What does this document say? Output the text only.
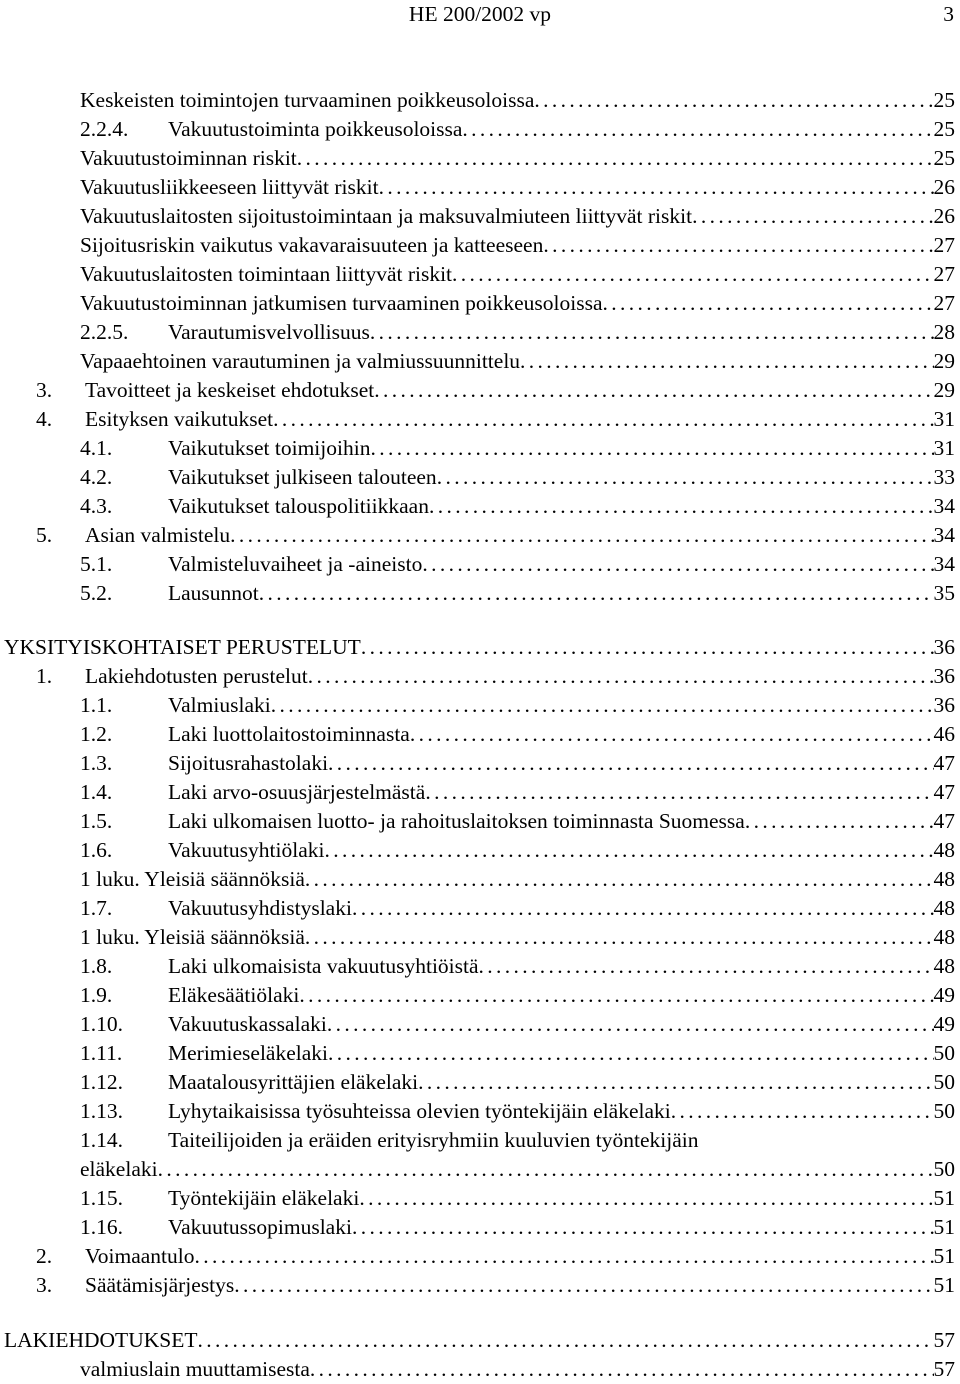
HE 200/2002 vp	3
Keskeisten toimintojen turvaaminen poikkeusoloissa . . .	25
2.2.4. Vakuutustoiminta poikkeusoloissa . . .	25
Vakuutustoiminnan riskit . . .	25
Vakuutusliikkeeseen liittyvät riskit . . .	26
Vakuutuslaitosten sijoitustoimintaan ja maksuvalmiuteen liittyvät riskit . . .	26
Sijoitusriskin vaikutus vakavaraisuuteen ja katteeseen . . .	27
Vakuutuslaitosten toimintaan liittyvät riskit . . .	27
Vakuutustoiminnan jatkumisen turvaaminen poikkeusoloissa . . .	27
2.2.5. Varautumisvelvollisuus . . .	28
Vapaaehtoinen varautuminen ja valmiussuunnittelu . . .	29
3. Tavoitteet ja keskeiset ehdotukset . . .	29
4. Esityksen vaikutukset . . .	31
4.1.	Vaikutukset toimijoihin . . .	31
4.2.	Vaikutukset julkiseen talouteen . . .	33
4.3.	Vaikutukset talouspolitiikkaan . . .	34
5. Asian valmistelu . . .	34
5.1.	Valmisteluvaiheet ja -aineisto . . .	34
5.2.	Lausunnot . . .	35
YKSITYISKOHTAISET PERUSTELUT . . .	36
1. Lakiehdotusten perustelut . . .	36
1.1.	Valmiuslaki . . .	36
1.2.	Laki luottolaitostoiminnasta . . .	46
1.3.	Sijoitusrahastolaki . . .	47
1.4.	Laki arvo-osuusjärjestelmästä . . .	47
1.5.	Laki ulkomaisen luotto- ja rahoituslaitoksen toiminnasta Suomessa . . .	47
1.6.	Vakuutusyhtiölaki . . .	48
1 luku. Yleisiä säännöksiä . . .	48
1.7.	Vakuutusyhdistyslaki . . .	48
1 luku. Yleisiä säännöksiä . . .	48
1.8.	Laki ulkomaisista vakuutusyhtiöistä . . .	48
1.9.	Eläkesäätiölaki . . .	49
1.10. Vakuutuskassalaki . . .	49
1.11. Merimieseläkelaki . . .	50
1.12. Maatalousyrittäjien eläkelaki . . .	50
1.13. Lyhytaikaisissa työsuhteissa olevien työntekijäin eläkelaki . . .	50
1.14. Taiteilijoiden ja eräiden erityisryhmiin kuuluvien työntekijäin
eläkelaki . . .	50
1.15. Työntekijäin eläkelaki . . .	51
1.16. Vakuutussopimuslaki . . .	51
2. Voimaantulo . . .	51
3. Säätämisjärjestys . . .	51
LAKIEHDOTUKSET . . .	57
valmiuslain muuttamisesta . . .	57
